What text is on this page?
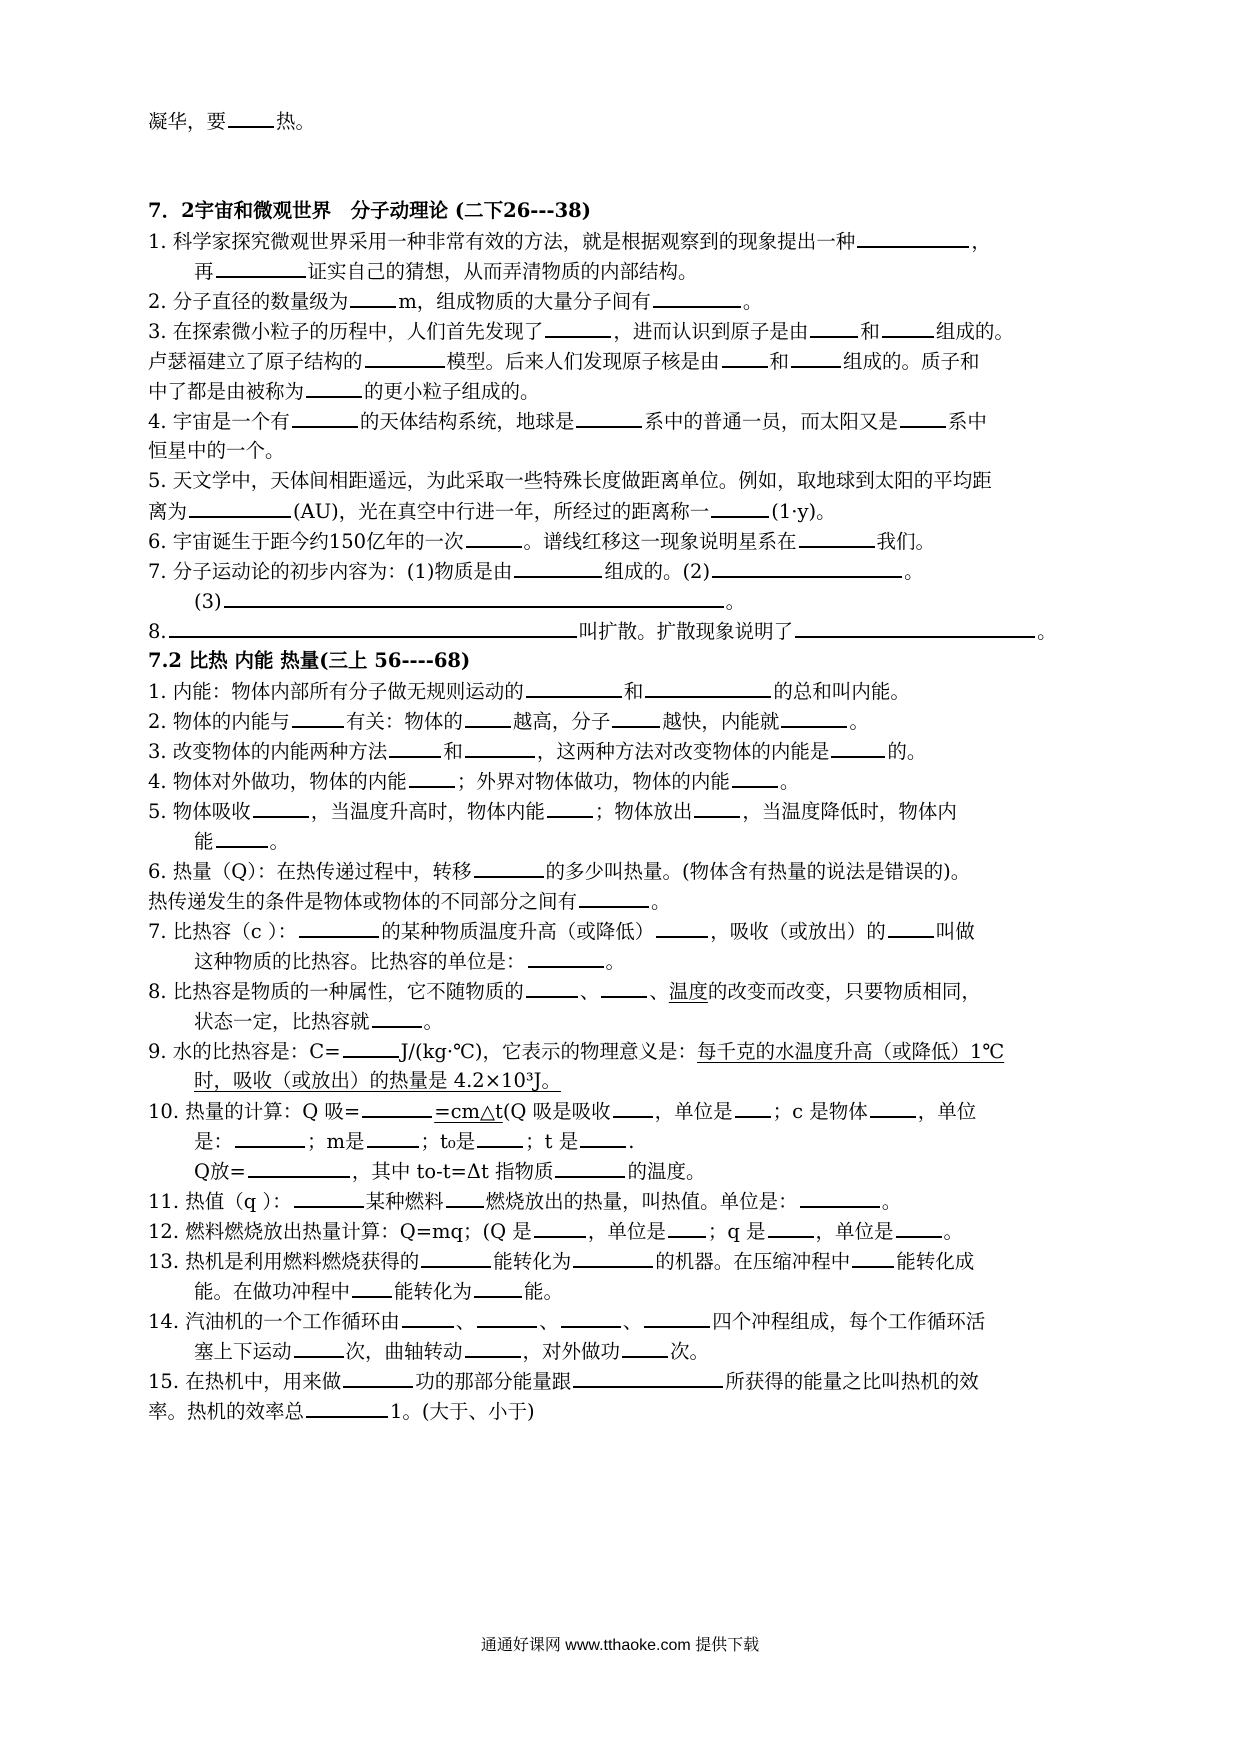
凝华，要	热。
7．2宇宙和微观世界　分子动理论 (二下26---38)
1. 科学家探究微观世界采用一种非常有效的方法，就是根据观察到的现象提出一种	，
再	证实自己的猜想，从而弄清物质的内部结构。
2. 分子直径的数量级为	m，组成物质的大量分子间有	。
3. 在探索微小粒子的历程中，人们首先发现了	，进而认识到原子是由	和	组成的。
卢瑟福建立了原子结构的	模型。后来人们发现原子核是由	和	组成的。质子和
中了都是由被称为	的更小粒子组成的。
4. 宇宙是一个有	的天体结构系统，地球是	系中的普通一员，而太阳又是	系中
恒星中的一个。
5. 天文学中，天体间相距遥远，为此采取一些特殊长度做距离单位。例如，取地球到太阳的平均距
离为	(AU)，光在真空中行进一年，所经过的距离称一	(1·y)。
6. 宇宙诞生于距今约150亿年的一次	。谱线红移这一现象说明星系在	我们。
7. 分子运动论的初步内容为：(1)物质是由	组成的。(2)	。
(3)	。
8.	叫扩散。扩散现象说明了	。
7.2 比热 内能 热量(三上 56----68)
1. 内能：物体内部所有分子做无规则运动的	和	的总和叫内能。
2. 物体的内能与	有关：物体的	越高，分子	越快，内能就	。
3. 改变物体的内能两种方法	和	，这两种方法对改变物体的内能是	的。
4. 物体对外做功，物体的内能	；外界对物体做功，物体的内能	。
5. 物体吸收	，当温度升高时，物体内能	；物体放出	，当温度降低时，物体内
能	。
6. 热量（Q）：在热传递过程中，转移	的多少叫热量。(物体含有热量的说法是错误的)。
热传递发生的条件是物体或物体的不同部分之间有	。
7. 比热容（c ）：	的某种物质温度升高（或降低）	，吸收（或放出）的	叫做
这种物质的比热容。比热容的单位是：	。
8. 比热容是物质的一种属性，它不随物质的	、	、温度的改变而改变，只要物质相同，
状态一定，比热容就	。
9. 水的比热容是：C=	J/(kg·℃)，它表示的物理意义是：每千克的水温度升高（或降低）1℃
时，吸收（或放出）的热量是 4.2×10³J。
10. 热量的计算：Q 吸=	=cm△t(Q 吸是吸收 ，单位是 ；c 是物体	，单位
是：	；m是	；t₀是	；t 是	.
Q放=	，其中 to-t=Δt 指物质	的温度。
11. 热值（q ）：	某种燃料 燃烧放出的热量，叫热值。单位是：	。
12. 燃料燃烧放出热量计算：Q=mq；(Q 是	，单位是 ；q 是	，单位是	。
13. 热机是利用燃料燃烧获得的	能转化为	的机器。在压缩冲程中 能转化成
能。在做功冲程中 能转化为	能。
14. 汽油机的一个工作循环由	、	、	、	四个冲程组成，每个工作循环活
塞上下运动	次，曲轴转动	，对外做功	次。
15. 在热机中，用来做	功的那部分能量跟	所获得的能量之比叫热机的效
率。热机的效率总	1。(大于、小于)
通通好课网 www.tthaoke.com 提供下载
